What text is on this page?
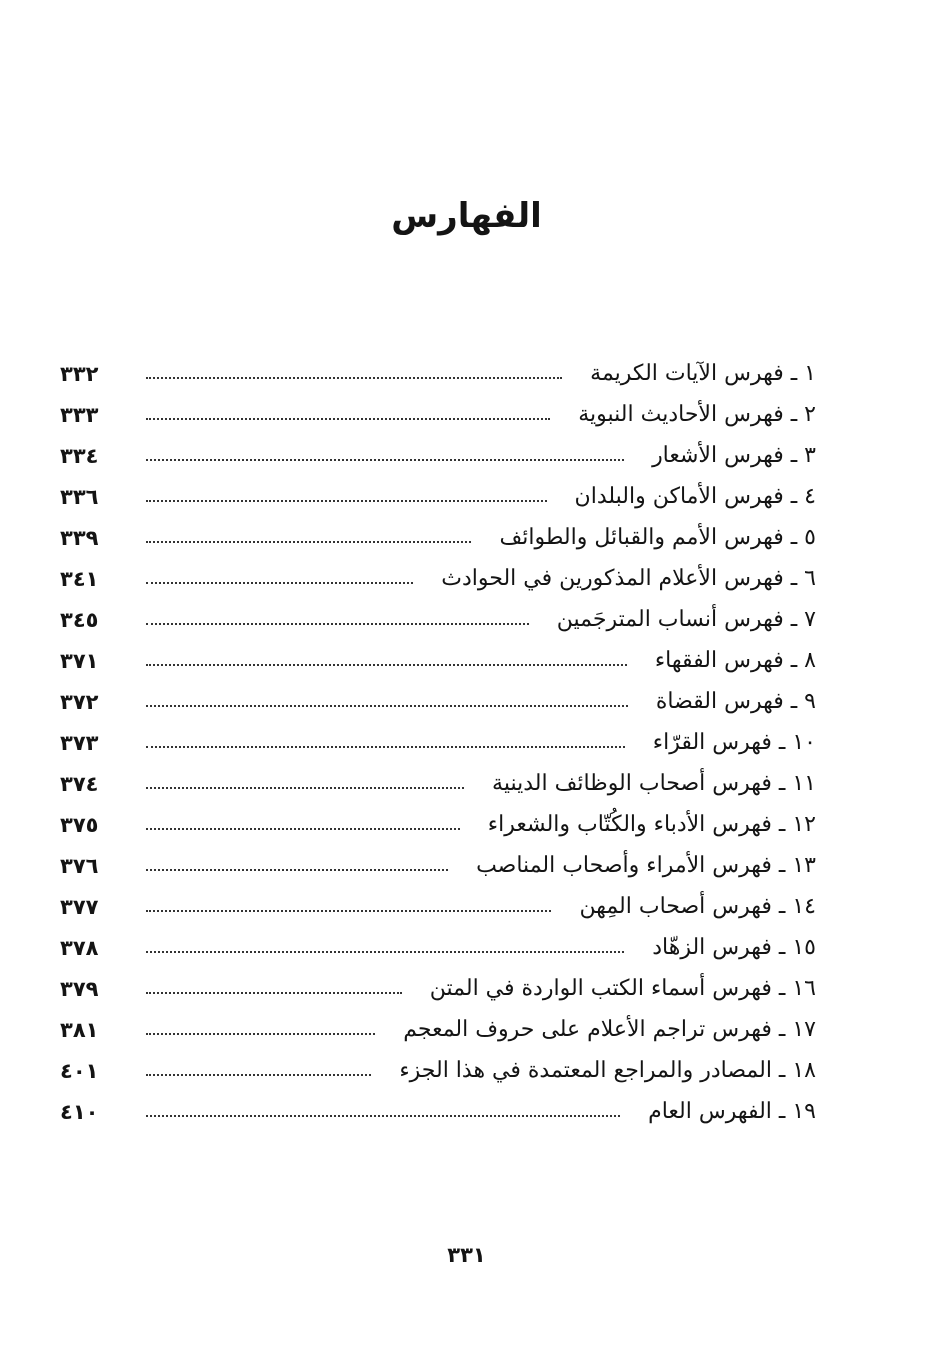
الفهارس
١ ـ فهرس الآيات الكريمة
٣٣٢
٢ ـ فهرس الأحاديث النبوية
٣٣٣
٣ ـ فهرس الأشعار
٣٣٤
٤ ـ فهرس الأماكن والبلدان
٣٣٦
٥ ـ فهرس الأمم والقبائل والطوائف
٣٣٩
٦ ـ فهرس الأعلام المذكورين في الحوادث
٣٤١
٧ ـ فهرس أنساب المترجَمين
٣٤٥
٨ ـ فهرس الفقهاء
٣٧١
٩ ـ فهرس القضاة
٣٧٢
١٠ ـ فهرس القرّاء
٣٧٣
١١ ـ فهرس أصحاب الوظائف الدينية
٣٧٤
١٢ ـ فهرس الأدباء والكُتّاب والشعراء
٣٧٥
١٣ ـ فهرس الأمراء وأصحاب المناصب
٣٧٦
١٤ ـ فهرس أصحاب المِهن
٣٧٧
١٥ ـ فهرس الزهّاد
٣٧٨
١٦ ـ فهرس أسماء الكتب الواردة في المتن
٣٧٩
١٧ ـ فهرس تراجم الأعلام على حروف المعجم
٣٨١
١٨ ـ المصادر والمراجع المعتمدة في هذا الجزء
٤٠١
١٩ ـ الفهرس العام
٤١٠
٣٣١
